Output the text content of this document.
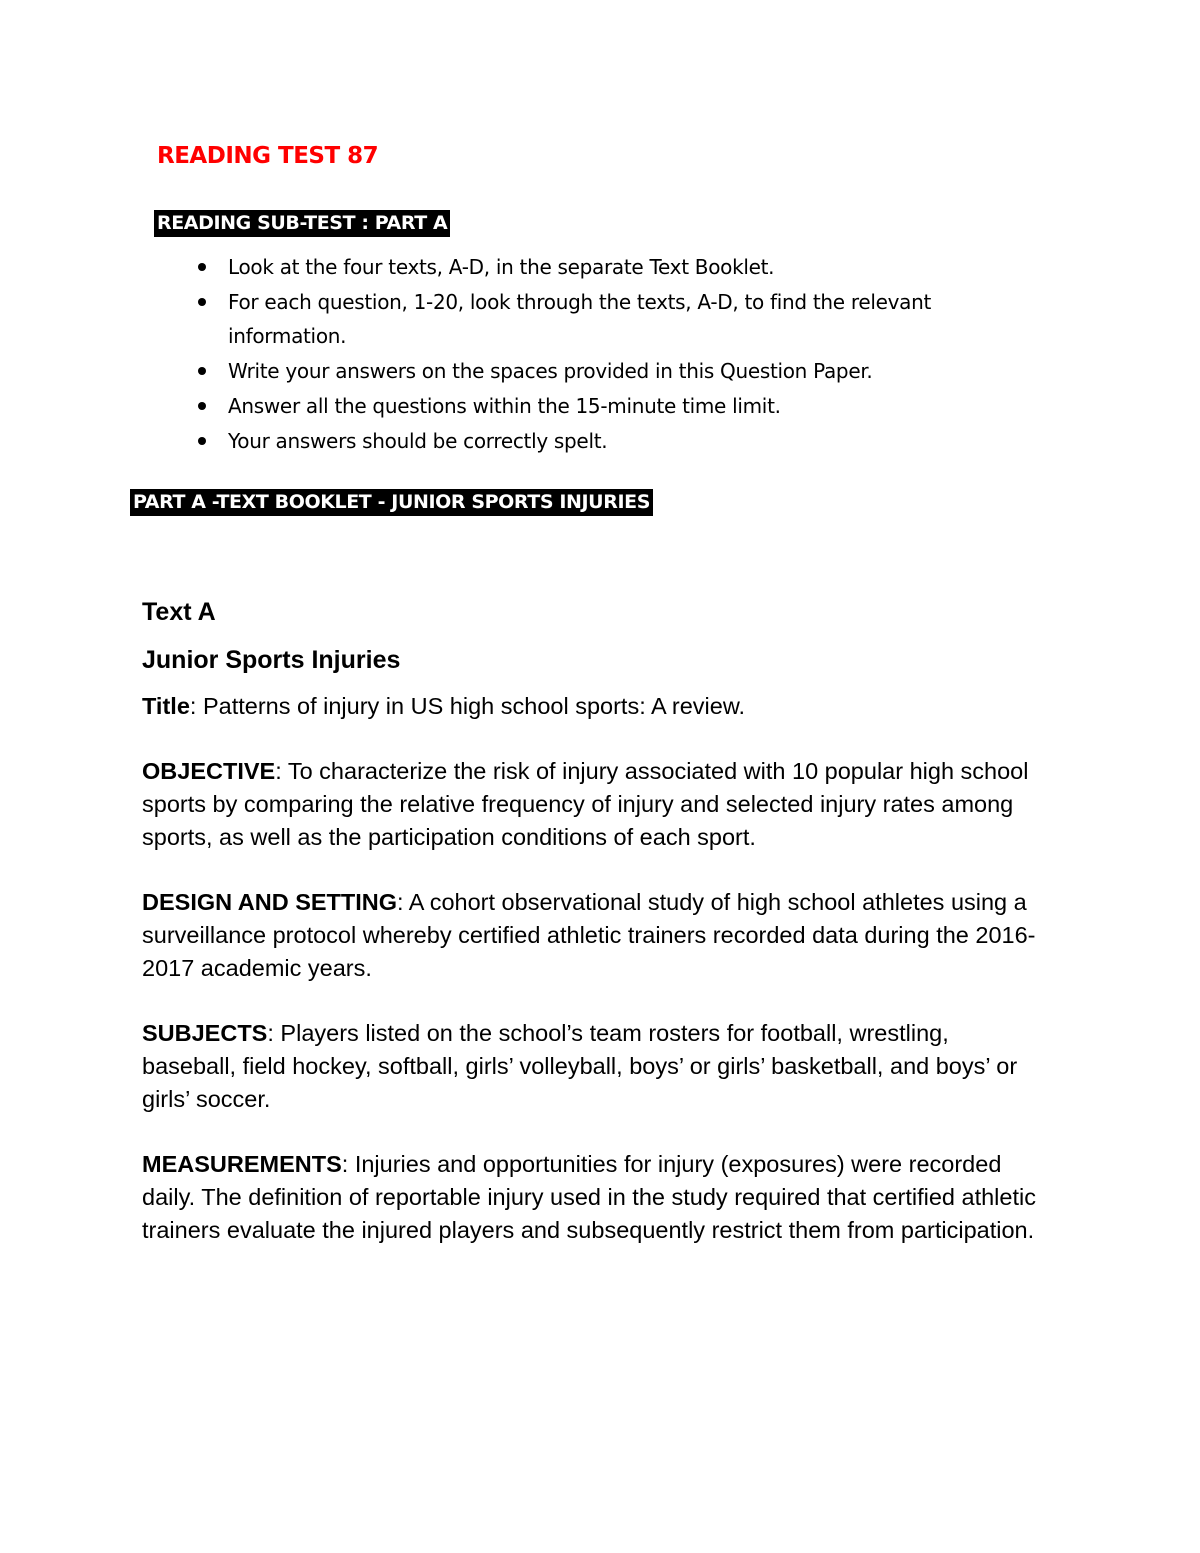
READING TEST 87
READING SUB-TEST : PART A
Look at the four texts, A-D, in the separate Text Booklet.
For each question, 1-20, look through the texts, A-D, to find the relevant information.
Write your answers on the spaces provided in this Question Paper.
Answer all the questions within the 15-minute time limit.
Your answers should be correctly spelt.
PART A -TEXT BOOKLET - JUNIOR SPORTS INJURIES

Text A

Junior Sports Injuries

Title: Patterns of injury in US high school sports: A review.

OBJECTIVE: To characterize the risk of injury associated with 10 popular high school sports by comparing the relative frequency of injury and selected injury rates among sports, as well as the participation conditions of each sport.

DESIGN AND SETTING: A cohort observational study of high school athletes using a surveillance protocol whereby certified athletic trainers recorded data during the 2016-2017 academic years.

SUBJECTS: Players listed on the school’s team rosters for football, wrestling, baseball, field hockey, softball, girls’ volleyball, boys’ or girls’ basketball, and boys’ or girls’ soccer.

MEASUREMENTS: Injuries and opportunities for injury (exposures) were recorded daily. The definition of reportable injury used in the study required that certified athletic trainers evaluate the injured players and subsequently restrict them from participation.
